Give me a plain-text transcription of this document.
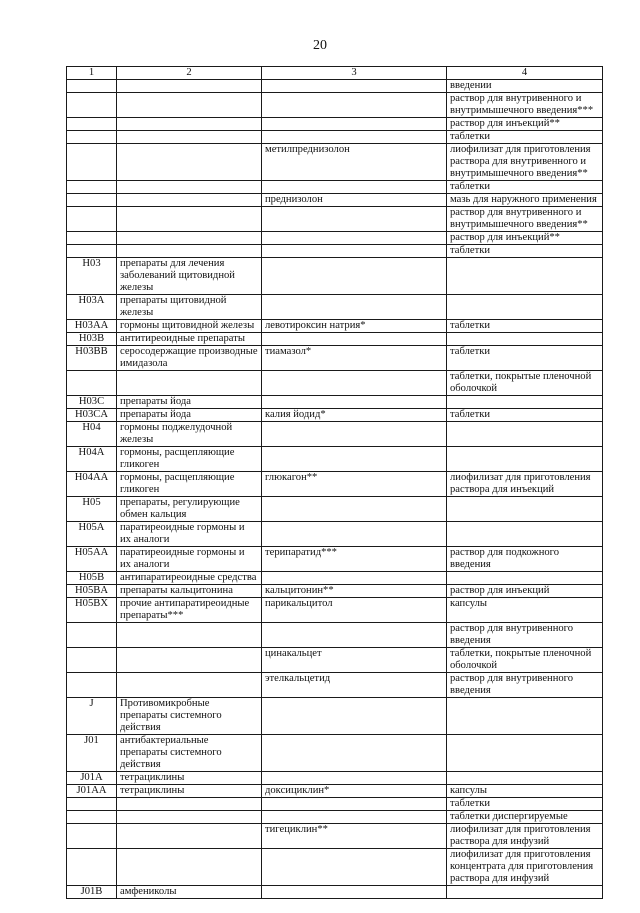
20
1	2	3	4
			введении
			раствор для внутривенного и внутримышечного введения***
			раствор для инъекций**
			таблетки
		метилпреднизолон	лиофилизат для приготовления раствора для внутривенного и внутримышечного введения**
			таблетки
		преднизолон	мазь для наружного применения
			раствор для внутривенного и внутримышечного введения**
			раствор для инъекций**
			таблетки
H03	препараты для лечения заболеваний щитовидной железы		
H03A	препараты щитовидной железы		
H03AA	гормоны щитовидной железы	левотироксин натрия*	таблетки
H03B	антитиреоидные препараты		
H03BB	серосодержащие производные имидазола	тиамазол*	таблетки
			таблетки, покрытые пленочной оболочкой
H03C	препараты йода		
H03CA	препараты йода	калия йодид*	таблетки
H04	гормоны поджелудочной железы		
H04A	гормоны, расщепляющие гликоген		
H04AA	гормоны, расщепляющие гликоген	глюкагон**	лиофилизат для приготовления раствора для инъекций
H05	препараты, регулирующие обмен кальция		
H05A	паратиреоидные гормоны и их аналоги		
H05AA	паратиреоидные гормоны и их аналоги	терипаратид***	раствор для подкожного введения
H05B	антипаратиреоидные средства		
H05BA	препараты кальцитонина	кальцитонин**	раствор для инъекций
H05BX	прочие антипаратиреоидные препараты***	парикальцитол	капсулы
			раствор для внутривенного введения
		цинакальцет	таблетки, покрытые пленочной оболочкой
		этелкальцетид	раствор для внутривенного введения
J	Противомикробные препараты системного действия		
J01	антибактериальные препараты системного действия		
J01A	тетрациклины		
J01AA	тетрациклины	доксициклин*	капсулы
			таблетки
			таблетки диспергируемые
		тигециклин**	лиофилизат для приготовления раствора для инфузий
			лиофилизат для приготовления концентрата для приготовления раствора для инфузий
J01B	амфениколы		
